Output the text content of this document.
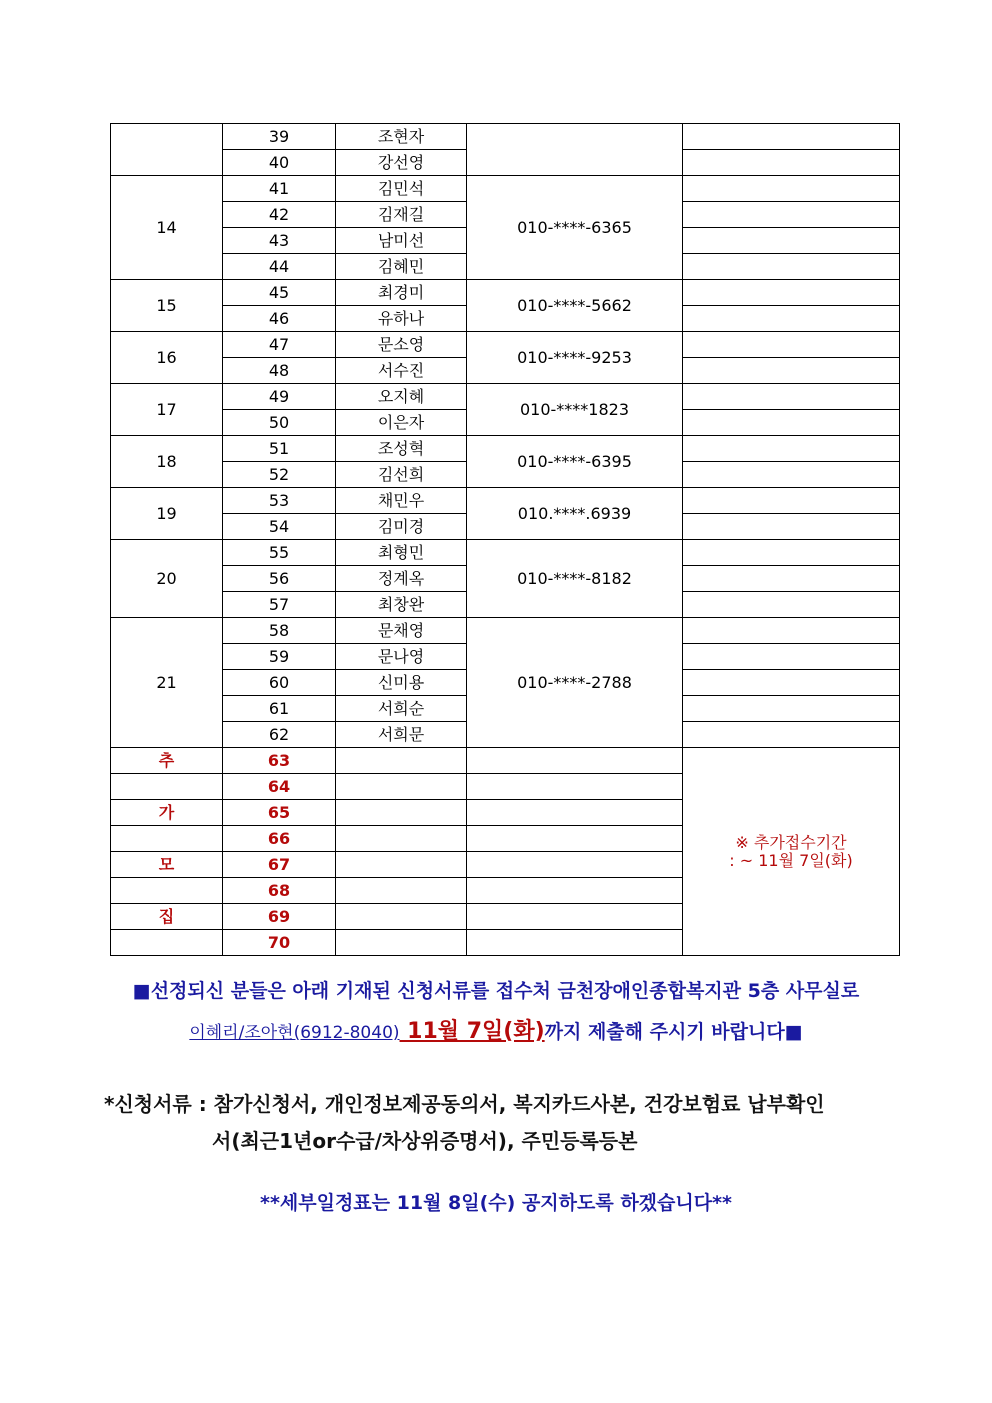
	39	조현자		
	40	강선영		
14	41	김민석	010-****-6365	
	42	김재길		
	43	남미선		
	44	김혜민		
15	45	최경미	010-****-5662	
	46	유하나		
16	47	문소영	010-****-9253	
	48	서수진		
17	49	오지혜	010-****1823	
	50	이은자		
18	51	조성혁	010-****-6395	
	52	김선희		
19	53	채민우	010.****.6939	
	54	김미경		
20	55	최형민	010-****-8182	
	56	정계옥		
	57	최창완		
21	58	문채영	010-****-2788	
	59	문나영		
	60	신미용		
	61	서희순		
	62	서희문		
추	63			※ 추가접수기간
: ~ 11월 7일(화)

	64			
가	65			
	66			
모	67			
	68			
집	69			
	70			
■선정되신 분들은 아래 기재된 신청서류를 접수처 금천장애인종합복지관 5층 사무실로
이혜리/조아현(6912-8040) 11월 7일(화)까지 제출해 주시기 바랍니다■
*신청서류 : 참가신청서, 개인정보제공동의서, 복지카드사본, 건강보험료 납부확인
서(최근1년or수급/차상위증명서), 주민등록등본
**세부일정표는 11월 8일(수) 공지하도록 하겠습니다**
